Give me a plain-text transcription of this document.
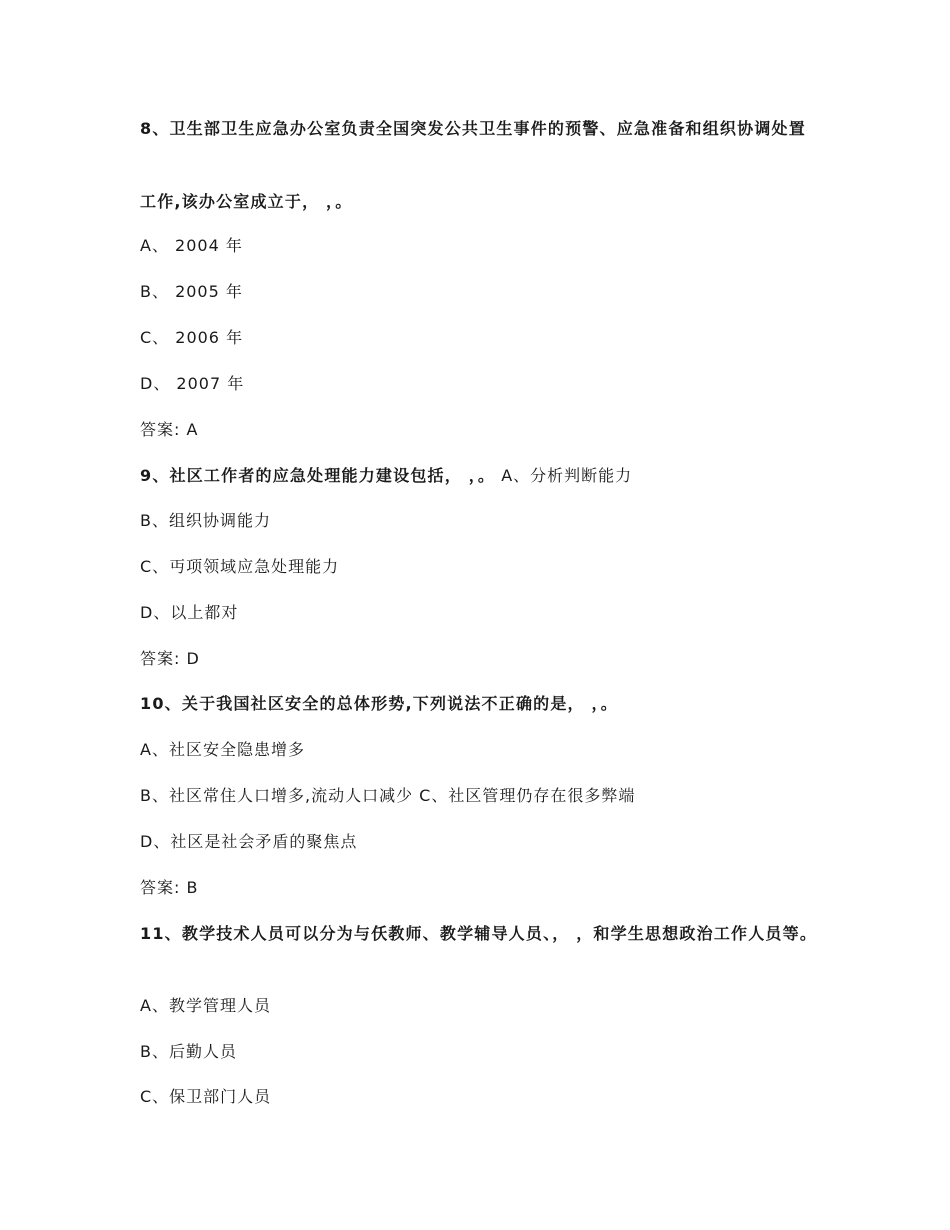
8、卫生部卫生应急办公室负责全国突发公共卫生事件的预警、应急准备和组织协调处置
工作,该办公室成立于， ，。
A、 2004 年
B、 2005 年
C、 2006 年
D、 2007 年
答案: A
9、社区工作者的应急处理能力建设包括， ，。 A、分析判断能力
B、组织协调能力
C、丏项领域应急处理能力
D、以上都对
答案: D
10、关于我国社区安全的总体形势,下列说法不正确的是， ，。
A、社区安全隐患增多
B、社区常住人口增多,流动人口减少 C、社区管理仍存在很多弊端
D、社区是社会矛盾的聚焦点
答案: B
11、教学技术人员可以分为与仸教师、教学辅导人员、， ，和学生思想政治工作人员等。
A、教学管理人员
B、后勤人员
C、保卫部门人员
